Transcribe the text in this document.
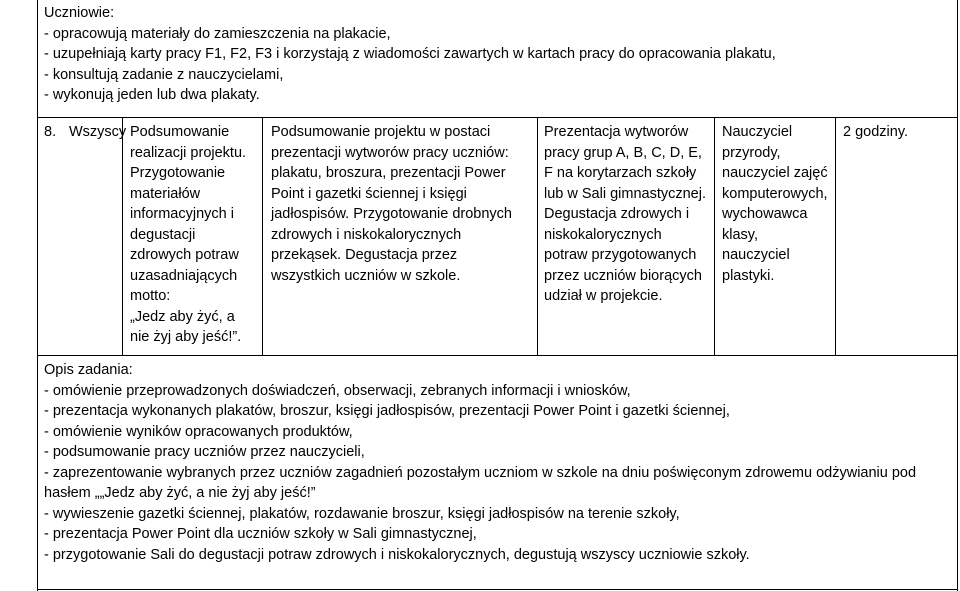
Uczniowie:
- opracowują materiały do zamieszczenia na plakacie,
- uzupełniają karty pracy F1, F2, F3 i korzystają z wiadomości zawartych w kartach pracy do opracowania plakatu,
- konsultują zadanie z nauczycielami,
- wykonują jeden lub dwa plakaty.
8. Wszyscy Podsumowanie
realizacji projektu.
Przygotowanie
materiałów
informacyjnych i
degustacji
zdrowych potraw
uzasadniających
motto:
„Jedz aby żyć, a
nie żyj aby jeść!”.
Podsumowanie projektu w postaci
prezentacji wytworów pracy uczniów:
plakatu, broszura, prezentacji Power
Point i gazetki ściennej i księgi
jadłospisów. Przygotowanie drobnych
zdrowych i niskokalorycznych
przekąsek. Degustacja przez
wszystkich uczniów w szkole.
Prezentacja wytworów
pracy grup A, B, C, D, E,
F na korytarzach szkoły
lub w Sali gimnastycznej.
Degustacja zdrowych i
niskokalorycznych
potraw przygotowanych
przez uczniów biorących
udział w projekcie.
Nauczyciel
przyrody,
nauczyciel zajęć
komputerowych,
wychowawca
klasy,
nauczyciel
plastyki.
2 godziny.
Opis zadania:
- omówienie przeprowadzonych doświadczeń, obserwacji, zebranych informacji i wniosków,
- prezentacja wykonanych plakatów, broszur, księgi jadłospisów, prezentacji Power Point i gazetki ściennej,
- omówienie wyników opracowanych produktów,
- podsumowanie pracy uczniów przez nauczycieli,
- zaprezentowanie wybranych przez uczniów zagadnień pozostałym uczniom w szkole na dniu poświęconym zdrowemu odżywianiu pod
hasłem „„Jedz aby żyć, a nie żyj aby jeść!”
- wywieszenie gazetki ściennej, plakatów, rozdawanie broszur, księgi jadłospisów na terenie szkoły,
- prezentacja Power Point dla uczniów szkoły w Sali gimnastycznej,
- przygotowanie Sali do degustacji potraw zdrowych i niskokalorycznych, degustują wszyscy uczniowie szkoły.
